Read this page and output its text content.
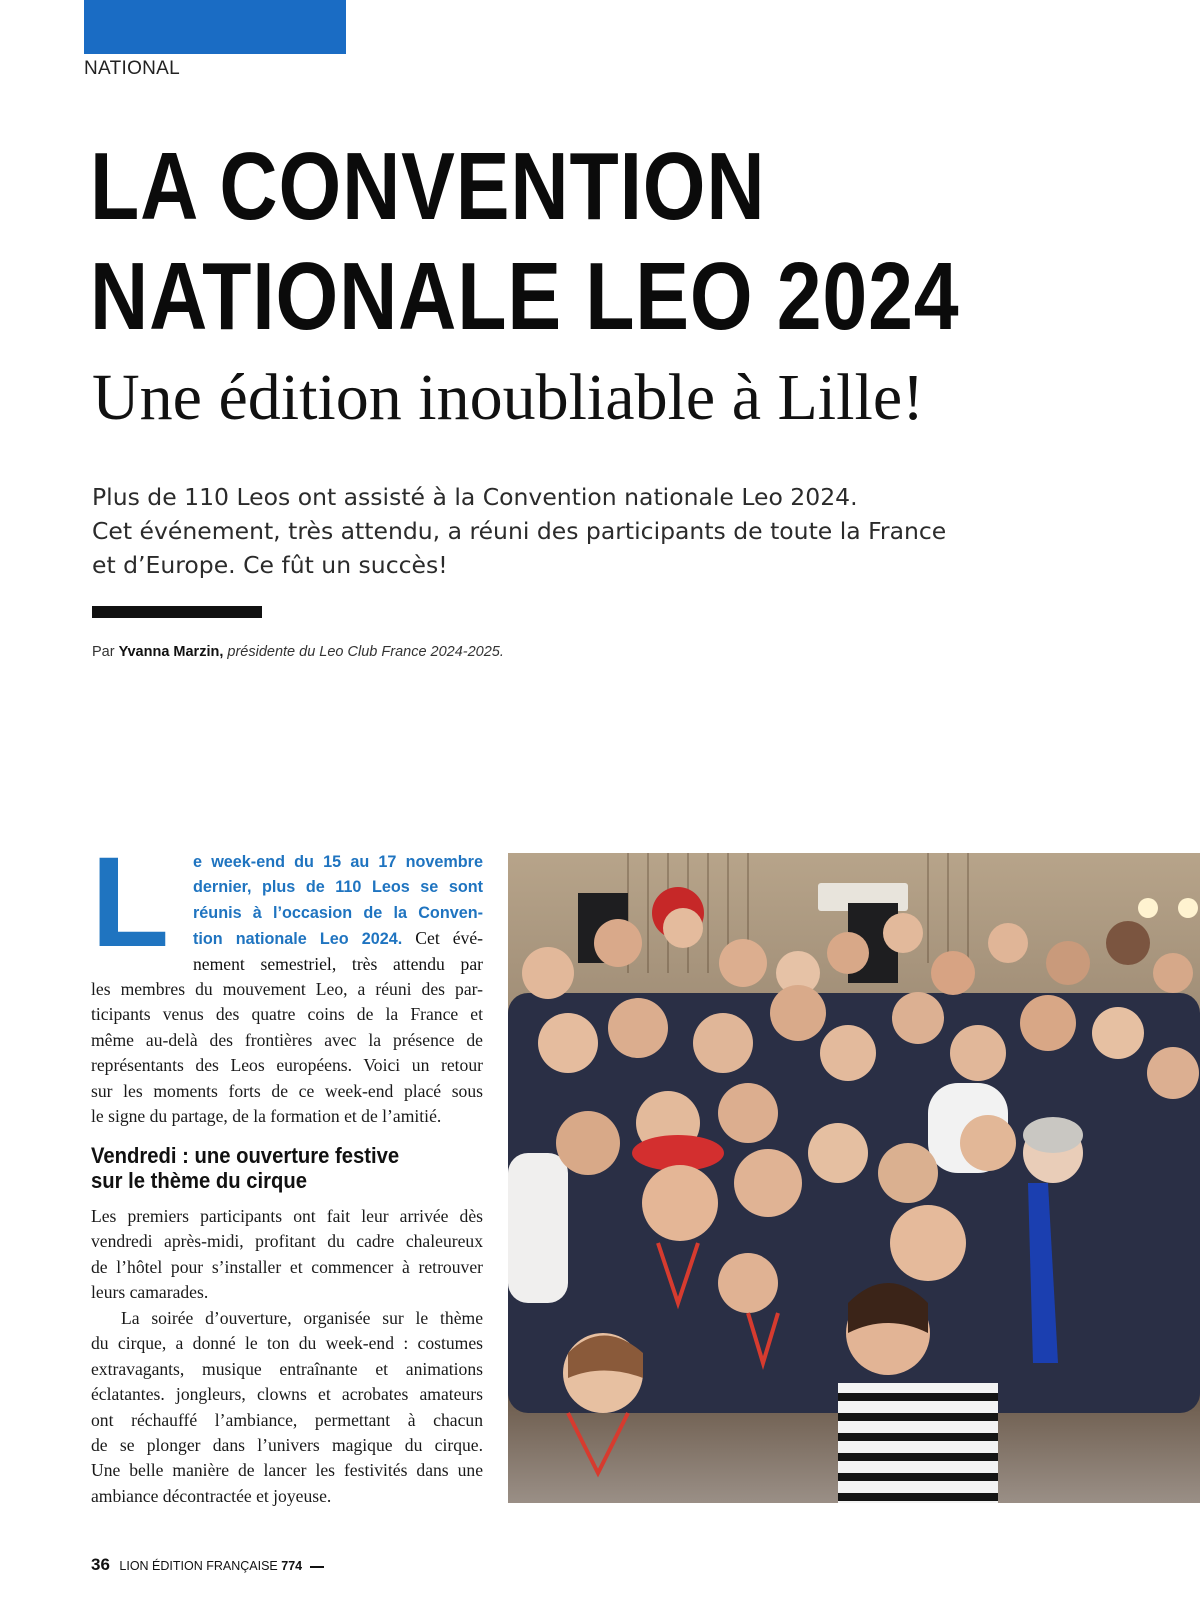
NATIONAL
LA CONVENTION
NATIONALE LEO 2024
Une édition inoubliable à Lille!
Plus de 110 Leos ont assisté à la Convention nationale Leo 2024.
Cet événement, très attendu, a réuni des participants de toute la France
et d’Europe. Ce fût un succès!
Par Yvanna Marzin, présidente du Leo Club France 2024-2025.
L e week-end du 15 au 17 novembre
dernier, plus de 110 Leos se sont
réunis à l’occasion de la Conven-
tion nationale Leo 2024. Cet évé-
nement semestriel, très attendu par
les membres du mouvement Leo, a réuni des par-
ticipants venus des quatre coins de la France et
même au-delà des frontières avec la présence de
représentants des Leos européens. Voici un retour
sur les moments forts de ce week-end placé sous
le signe du partage, de la formation et de l’amitié.
Vendredi : une ouverture festive
sur le thème du cirque
Les premiers participants ont fait leur arrivée dès
vendredi après-midi, profitant du cadre chaleureux
de l’hôtel pour s’installer et commencer à retrouver
leurs camarades.
La soirée d’ouverture, organisée sur le thème
du cirque, a donné le ton du week-end : costumes
extravagants, musique entraînante et animations
éclatantes. jongleurs, clowns et acrobates amateurs
ont réchauffé l’ambiance, permettant à chacun
de se plonger dans l’univers magique du cirque.
Une belle manière de lancer les festivités dans une
ambiance décontractée et joyeuse.
36 LION ÉDITION FRANÇAISE 774
